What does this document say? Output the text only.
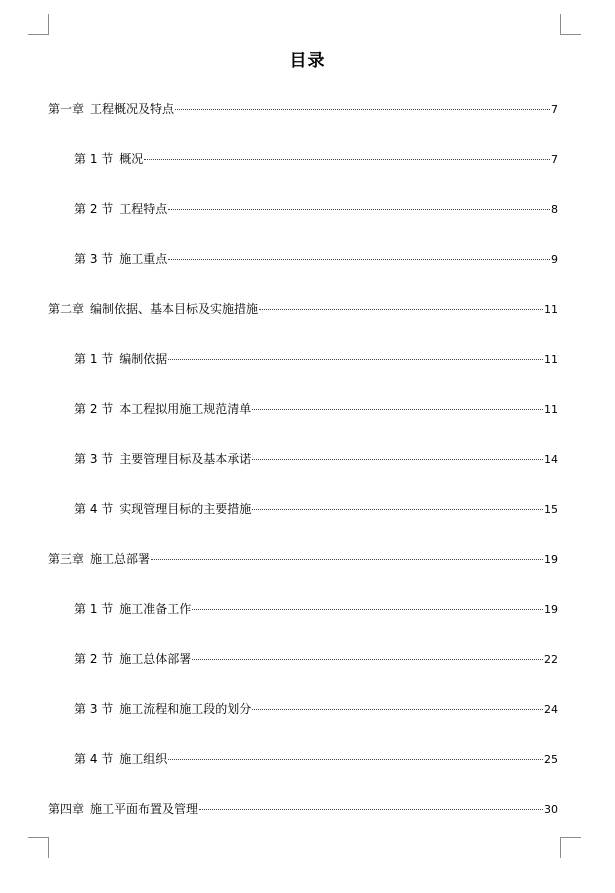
目录
第一章 工程概况及特点	7
第 1 节 概况	7
第 2 节 工程特点	8
第 3 节 施工重点	9
第二章 编制依据、基本目标及实施措施	11
第 1 节 编制依据	11
第 2 节 本工程拟用施工规范清单	11
第 3 节 主要管理目标及基本承诺	14
第 4 节 实现管理目标的主要措施	15
第三章 施工总部署	19
第 1 节 施工准备工作	19
第 2 节 施工总体部署	22
第 3 节 施工流程和施工段的划分	24
第 4 节 施工组织	25
第四章 施工平面布置及管理	30
